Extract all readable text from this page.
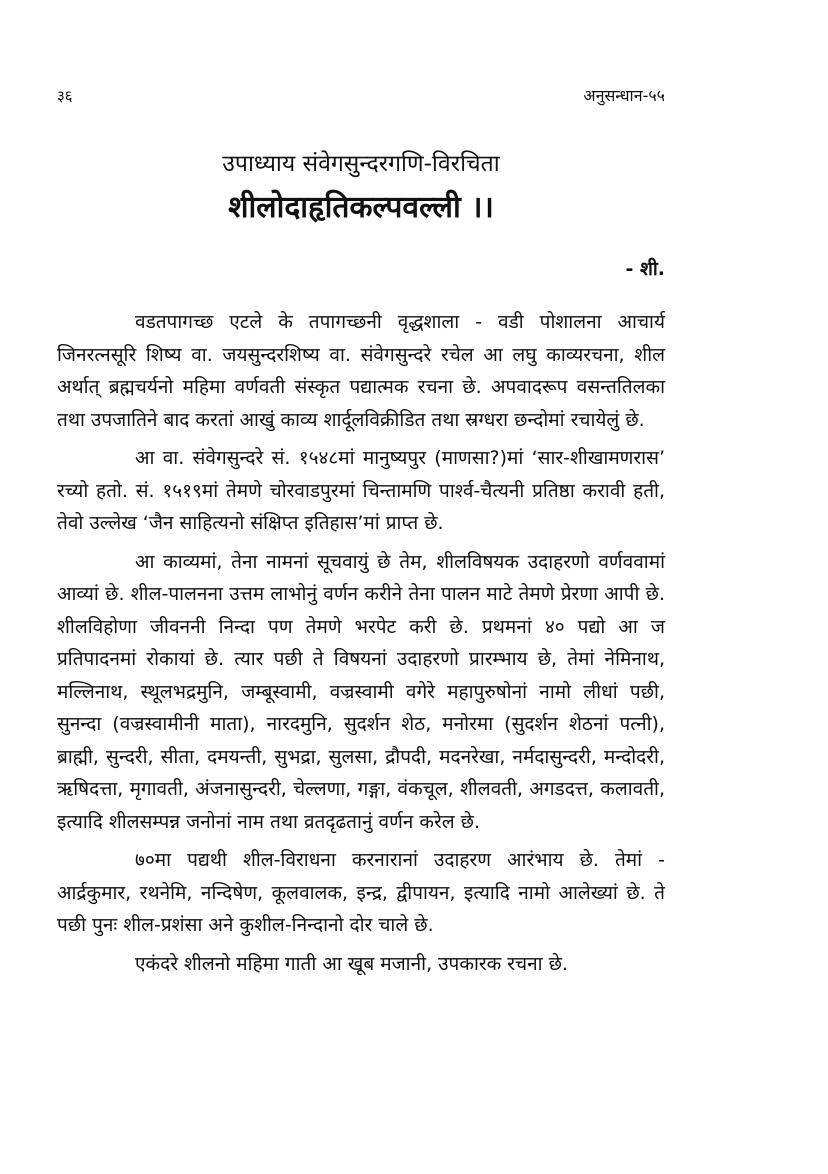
३६	अनुसन्धान-५५
उपाध्याय संवेगसुन्दरगणि-विरचिता
शीलोदाहृतिकल्पवल्ली ।।
- शी.

वडतपागच्छ एटले के तपागच्छनी वृद्धशाला - वडी पोशालना आचार्य जिनरत्नसूरि शिष्य वा. जयसुन्दरशिष्य वा. संवेगसुन्दरे रचेल आ लघु काव्यरचना, शील अर्थात् ब्रह्मचर्यनो महिमा वर्णवती संस्कृत पद्यात्मक रचना छे. अपवादरूप वसन्ततिलका तथा उपजातिने बाद करतां आखुं काव्य शार्दूलविक्रीडित तथा स्रग्धरा छन्दोमां रचायेलुं छे.

आ वा. संवेगसुन्दरे सं. १५४८मां मानुष्यपुर (माणसा?)मां ‘सार-शीखामणरास’ रच्यो हतो. सं. १५१९मां तेमणे चोरवाडपुरमां चिन्तामणि पार्श्व-चैत्यनी प्रतिष्ठा करावी हती, तेवो उल्लेख ‘जैन साहित्यनो संक्षिप्त इतिहास’मां प्राप्त छे.

आ काव्यमां, तेना नामनां सूचवायुं छे तेम, शीलविषयक उदाहरणो वर्णववामां आव्यां छे. शील-पालनना उत्तम लाभोनुं वर्णन करीने तेना पालन माटे तेमणे प्रेरणा आपी छे. शीलविहोणा जीवननी निन्दा पण तेमणे भरपेट करी छे. प्रथमनां ४० पद्यो आ ज प्रतिपादनमां रोकायां छे. त्यार पछी ते विषयनां उदाहरणो प्रारम्भाय छे, तेमां नेमिनाथ, मल्लिनाथ, स्थूलभद्रमुनि, जम्बूस्वामी, वज्रस्वामी वगेरे महापुरुषोनां नामो लीधां पछी, सुनन्दा (वज्रस्वामीनी माता), नारदमुनि, सुदर्शन शेठ, मनोरमा (सुदर्शन शेठनां पत्नी), ब्राह्मी, सुन्दरी, सीता, दमयन्ती, सुभद्रा, सुलसा, द्रौपदी, मदनरेखा, नर्मदासुन्दरी, मन्दोदरी, ऋषिदत्ता, मृगावती, अंजनासुन्दरी, चेल्लणा, गङ्गा, वंकचूल, शीलवती, अगडदत्त, कलावती, इत्यादि शीलसम्पन्न जनोनां नाम तथा व्रतदृढतानुं वर्णन करेल छे.

७०मा पद्यथी शील-विराधना करनारानां उदाहरण आरंभाय छे. तेमां - आर्द्रकुमार, रथनेमि, नन्दिषेण, कूलवालक, इन्द्र, द्वीपायन, इत्यादि नामो आलेख्यां छे. ते पछी पुनः शील-प्रशंसा अने कुशील-निन्दानो दोर चाले छे.

एकंदरे शीलनो महिमा गाती आ खूब मजानी, उपकारक रचना छे.
